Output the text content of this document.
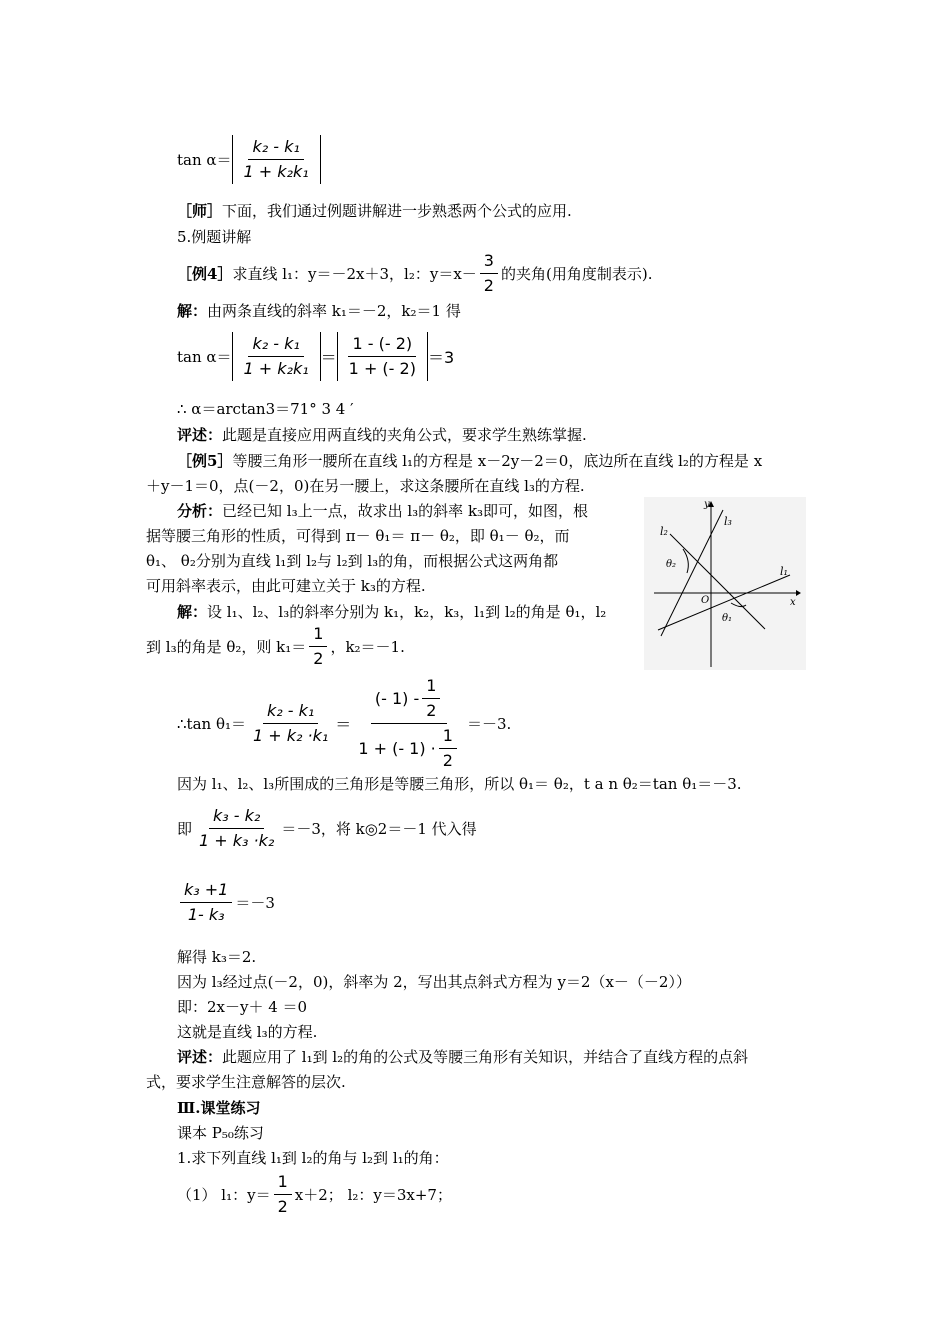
$\tan \alpha= \frac{\text{k₂ - k₁}}{\text{1 + k₂k₁}}$
［师］下面，我们通过例题讲解进一步熟悉两个公式的应用.
5.例题讲解
［例4］ 求直线 l₁：y＝－2x＋3，l₂：$y=x- \frac{3}{2}$ 的夹角(用角度制表示).
解：由两条直线的斜率 k₁＝－2，k₂＝1 得
$\tan \alpha= \frac{\text{k₂ - k₁}}{\text{1 + k₂k₁}} = \frac{1 - (- 2)}{1 + (- 2)} =3$
∴ α＝arctan3＝71° 3 4 ′
评述：此题是直接应用两直线的夹角公式，要求学生熟练掌握.
［例5］等腰三角形一腰所在直线 l₁的方程是 x－2y－2＝0，底边所在直线 l₂的方程是 x
＋y－1＝0，点(－2，0)在另一腰上，求这条腰所在直线 l₃的方程.
分析：已经已知 l₃上一点，故求出 l₃的斜率 k₃即可，如图，根
据等腰三角形的性质，可得到 π－ θ₁＝ π－ θ₂，即 θ₁－ θ₂，而
θ₁、 θ₂分别为直线 l₁到 l₂与 l₂到 l₃的角，而根据公式这两角都
可用斜率表示，由此可建立关于 k₃的方程.
解：设 l₁、l₂、l₃的斜率分别为 k₁，k₂，k₃，l₁到 l₂的角是 θ₁，l₂
到 l₃的角是 θ₂，则 $k_1= \frac{1}{2}$ ，k₂＝－1.
y
x
O
l₁
l₂
l₃
θ₁
θ₂
∴tan $\theta_1= \frac{\text{k₂ - k₁}}{\text{1 + k₂ ·k₁}} = \frac{(- 1) - \frac{1}{2}}{1 + (- 1) \cdot \frac{1}{2}} =-3$.
因为 l₁、l₂、l₃所围成的三角形是等腰三角形，所以 θ₁＝ θ₂，t a n θ₂＝tan θ₁＝－3.
即 $\frac{\text{k₃ - k₂}}{\text{1 + k₃ ·k₂}} =-3$，将 k◎2＝－1 代入得
$\frac{\text{k₃ +1}}{\text{1- k₃}} =-3$
解得 k₃＝2.
因为 l₃经过点(－2，0)，斜率为 2，写出其点斜式方程为 y＝2（x－（－2））
即：2x－y＋ 4 ＝0
这就是直线 l₃的方程.
评述：此题应用了 l₁到 l₂的角的公式及等腰三角形有关知识，并结合了直线方程的点斜
式，要求学生注意解答的层次.
Ⅲ.课堂练习
课本 P₅₀练习
1.求下列直线 l₁到 l₂的角与 l₂到 l₁的角：
（1） l₁：$y= \frac{1}{2} x+2$； l₂：y＝3x+7；
